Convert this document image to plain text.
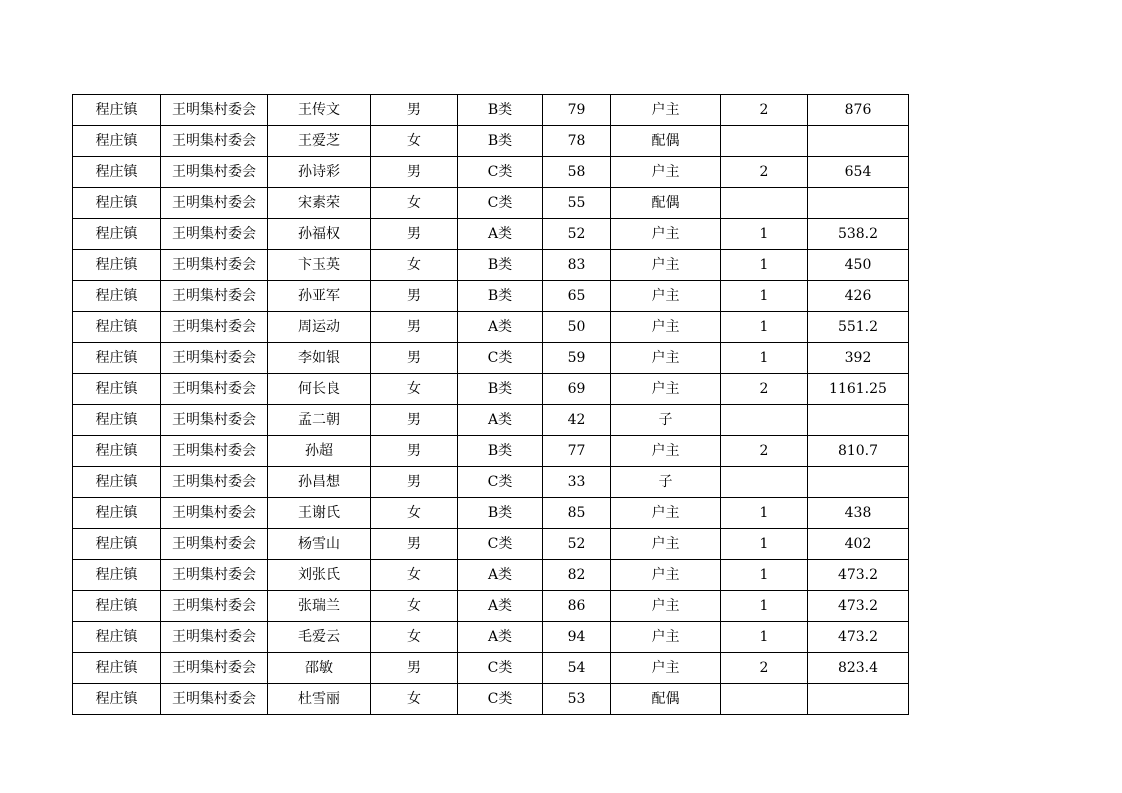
程庄镇	王明集村委会	王传文	男	B类	79	户主	2	876
程庄镇	王明集村委会	王爱芝	女	B类	78	配偶		
程庄镇	王明集村委会	孙诗彩	男	C类	58	户主	2	654
程庄镇	王明集村委会	宋素荣	女	C类	55	配偶		
程庄镇	王明集村委会	孙福权	男	A类	52	户主	1	538.2
程庄镇	王明集村委会	卞玉英	女	B类	83	户主	1	450
程庄镇	王明集村委会	孙亚军	男	B类	65	户主	1	426
程庄镇	王明集村委会	周运动	男	A类	50	户主	1	551.2
程庄镇	王明集村委会	李如银	男	C类	59	户主	1	392
程庄镇	王明集村委会	何长良	女	B类	69	户主	2	1161.25
程庄镇	王明集村委会	孟二朝	男	A类	42	子		
程庄镇	王明集村委会	孙超	男	B类	77	户主	2	810.7
程庄镇	王明集村委会	孙昌想	男	C类	33	子		
程庄镇	王明集村委会	王谢氏	女	B类	85	户主	1	438
程庄镇	王明集村委会	杨雪山	男	C类	52	户主	1	402
程庄镇	王明集村委会	刘张氏	女	A类	82	户主	1	473.2
程庄镇	王明集村委会	张瑞兰	女	A类	86	户主	1	473.2
程庄镇	王明集村委会	毛爱云	女	A类	94	户主	1	473.2
程庄镇	王明集村委会	邵敏	男	C类	54	户主	2	823.4
程庄镇	王明集村委会	杜雪丽	女	C类	53	配偶		
